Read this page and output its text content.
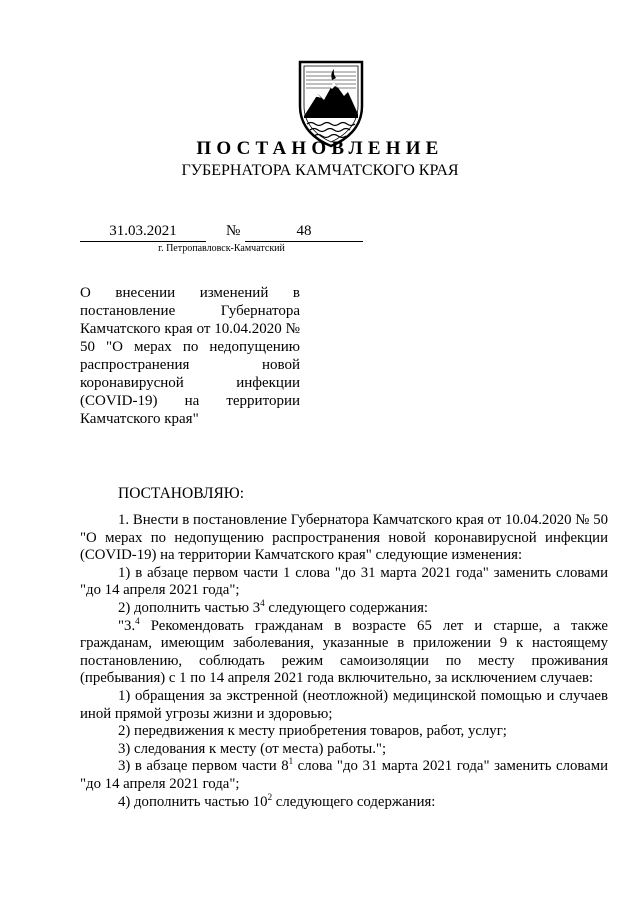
ПОСТАНОВЛЕНИЕ
ГУБЕРНАТОРА КАМЧАТСКОГО КРАЯ
31.03.2021	№	48
г. Петропавловск-Камчатский
О внесении изменений в постановление Губернатора Камчатского края от 10.04.2020 № 50 "О мерах по недопущению распространения новой коронавирусной инфекции (COVID-19) на территории
Камчатского края"
ПОСТАНОВЛЯЮ:

1. Внести в постановление Губернатора Камчатского края от 10.04.2020 № 50 "О мерах по недопущению распространения новой коронавирусной инфекции (COVID-19) на территории Камчатского края" следующие изменения:

1) в абзаце первом части 1 слова "до 31 марта 2021 года" заменить словами "до 14 апреля 2021 года";

2) дополнить частью $3^4$ следующего содержания:

"3.$^4$ Рекомендовать гражданам в возрасте 65 лет и старше, а также гражданам, имеющим заболевания, указанные в приложении 9 к настоящему постановлению, соблюдать режим самоизоляции по месту проживания (пребывания) с 1 по 14 апреля 2021 года включительно, за исключением случаев:

1) обращения за экстренной (неотложной) медицинской помощью и случаев иной прямой угрозы жизни и здоровью;

2) передвижения к месту приобретения товаров, работ, услуг;

3) следования к месту (от места) работы.";

3) в абзаце первом части $8^1$ слова "до 31 марта 2021 года" заменить словами "до 14 апреля 2021 года";

4) дополнить частью $10^2$ следующего содержания:
